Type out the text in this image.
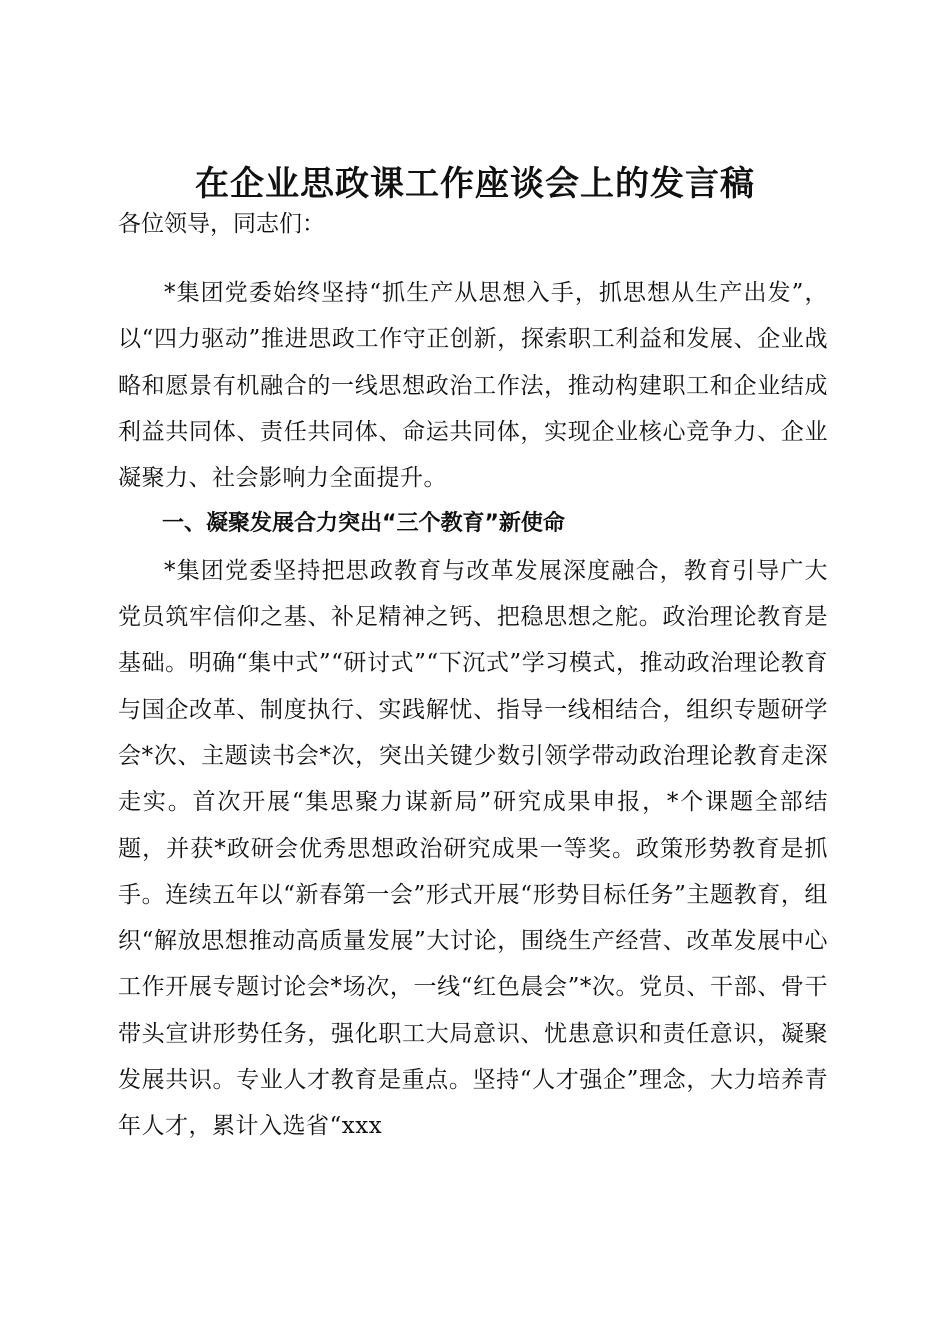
在企业思政课工作座谈会上的发言稿
各位领导，同志们：

*集团党委始终坚持“抓生产从思想入手，抓思想从生产出发”，以“四力驱动”推进思政工作守正创新，探索职工利益和发展、企业战略和愿景有机融合的一线思想政治工作法，推动构建职工和企业结成利益共同体、责任共同体、命运共同体，实现企业核心竞争力、企业凝聚力、社会影响力全面提升。

一、凝聚发展合力突出“三个教育”新使命

*集团党委坚持把思政教育与改革发展深度融合，教育引导广大党员筑牢信仰之基、补足精神之钙、把稳思想之舵。政治理论教育是基础。明确“集中式”“研讨式”“下沉式”学习模式，推动政治理论教育与国企改革、制度执行、实践解忧、指导一线相结合，组织专题研学会*次、主题读书会*次，突出关键少数引领学带动政治理论教育走深走实。首次开展“集思聚力谋新局”研究成果申报，*个课题全部结题，并获*政研会优秀思想政治研究成果一等奖。政策形势教育是抓手。连续五年以“新春第一会”形式开展“形势目标任务”主题教育，组织“解放思想推动高质量发展”大讨论，围绕生产经营、改革发展中心工作开展专题讨论会*场次，一线“红色晨会”*次。党员、干部、骨干带头宣讲形势任务，强化职工大局意识、忧患意识和责任意识，凝聚发展共识。专业人才教育是重点。坚持“人才强企”理念，大力培养青年人才，累计入选省“xxx
